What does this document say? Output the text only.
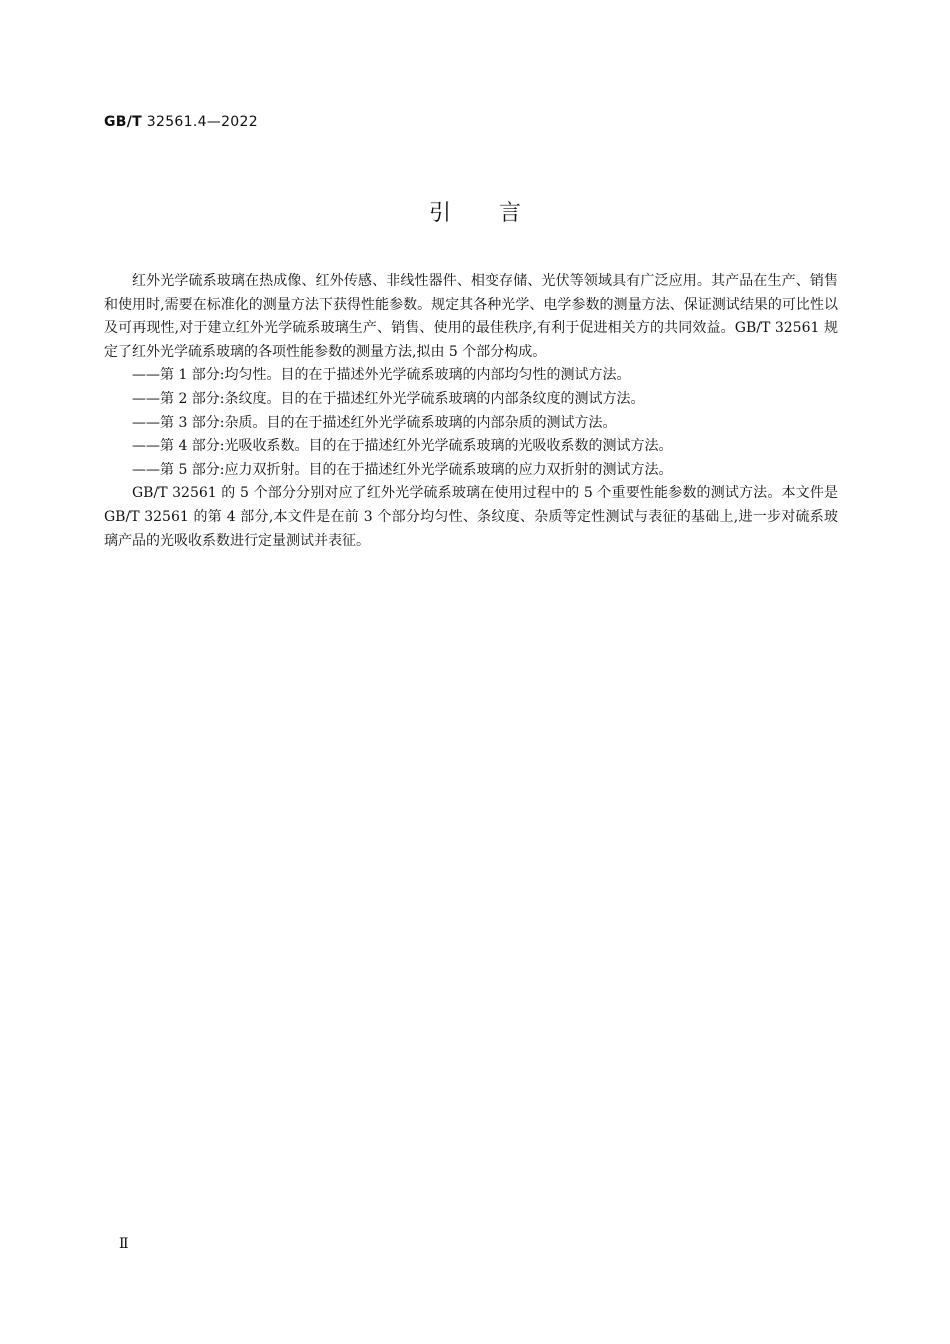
GB/T 32561.4—2022
引言

红外光学硫系玻璃在热成像、红外传感、非线性器件、相变存储、光伏等领域具有广泛应用。其产品在生产、销售和使用时,需要在标准化的测量方法下获得性能参数。规定其各种光学、电学参数的测量方法、保证测试结果的可比性以及可再现性,对于建立红外光学硫系玻璃生产、销售、使用的最佳秩序,有利于促进相关方的共同效益。GB/T 32561 规定了红外光学硫系玻璃的各项性能参数的测量方法,拟由 5 个部分构成。

——第 1 部分:均匀性。目的在于描述外光学硫系玻璃的内部均匀性的测试方法。

——第 2 部分:条纹度。目的在于描述红外光学硫系玻璃的内部条纹度的测试方法。

——第 3 部分:杂质。目的在于描述红外光学硫系玻璃的内部杂质的测试方法。

——第 4 部分:光吸收系数。目的在于描述红外光学硫系玻璃的光吸收系数的测试方法。

——第 5 部分:应力双折射。目的在于描述红外光学硫系玻璃的应力双折射的测试方法。

GB/T 32561 的 5 个部分分别对应了红外光学硫系玻璃在使用过程中的 5 个重要性能参数的测试方法。本文件是 GB/T 32561 的第 4 部分,本文件是在前 3 个部分均匀性、条纹度、杂质等定性测试与表征的基础上,进一步对硫系玻璃产品的光吸收系数进行定量测试并表征。

Ⅱ
